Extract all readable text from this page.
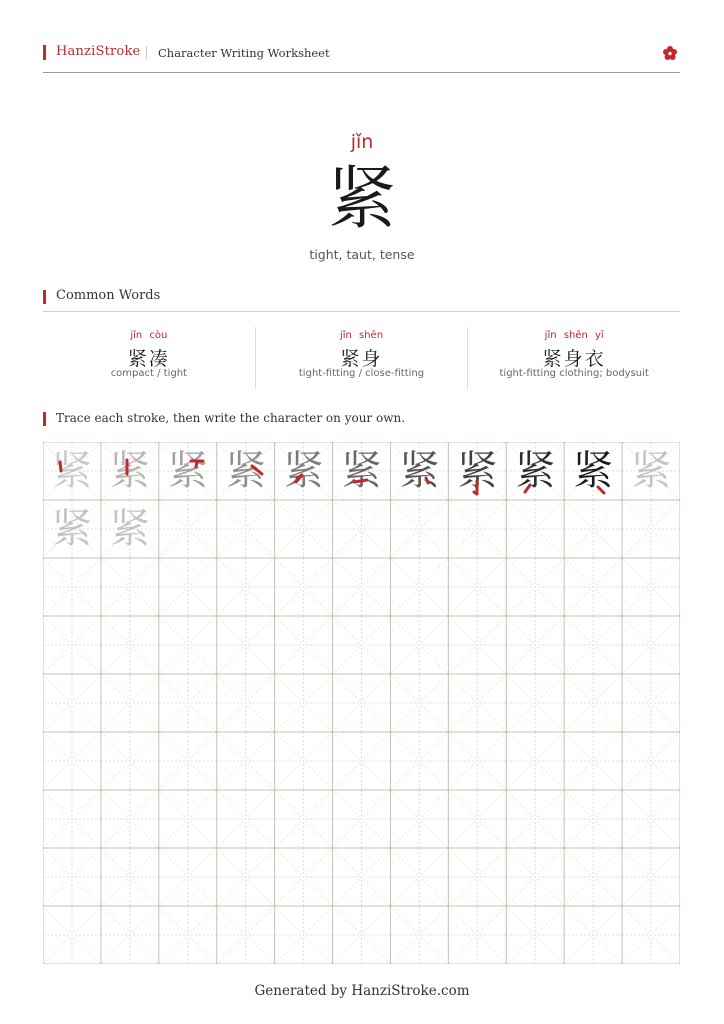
HanziStroke Character Writing Worksheet
jǐn
紧
tight, taut, tense
Common Words
jǐn còu
紧凑
compact / tight
jǐn shēn
紧身
tight-fitting / close-fitting
jǐn shēn yī
紧身衣
tight-fitting clothing; bodysuit
Trace each stroke, then write the character on your own.
紧 紧 紧 紧 紧 紧 紧 紧 紧 紧 紧
紧 紧
Generated by HanziStroke.com
